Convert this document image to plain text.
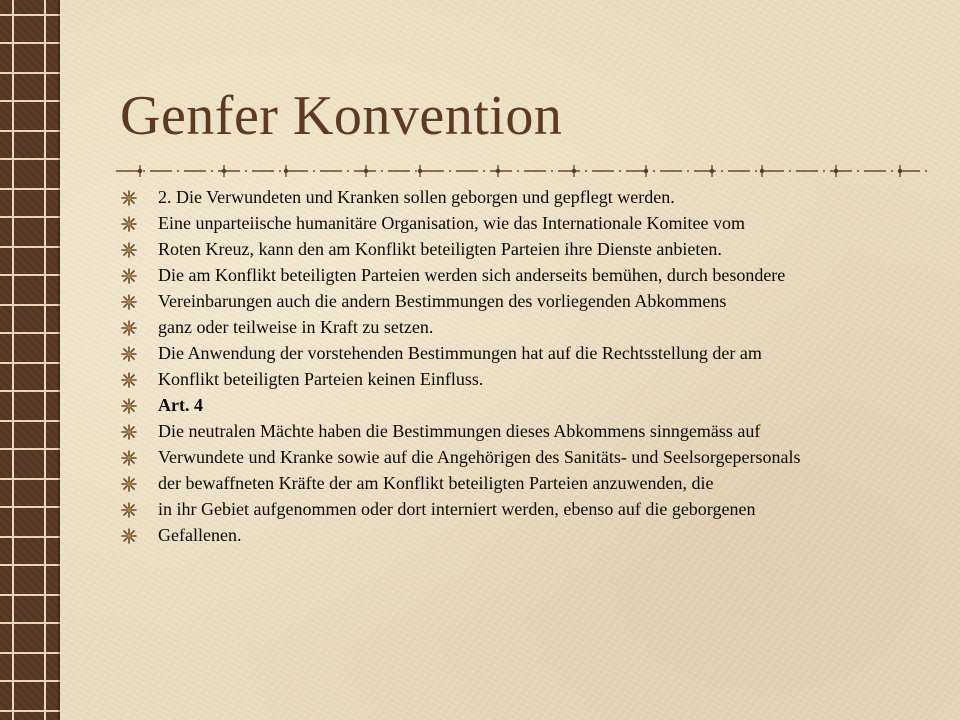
Genfer Konvention
2. Die Verwundeten und Kranken sollen geborgen und gepflegt werden.
Eine unparteiische humanitäre Organisation, wie das Internationale Komitee vom
Roten Kreuz, kann den am Konflikt beteiligten Parteien ihre Dienste anbieten.
Die am Konflikt beteiligten Parteien werden sich anderseits bemühen, durch besondere
Vereinbarungen auch die andern Bestimmungen des vorliegenden Abkommens
ganz oder teilweise in Kraft zu setzen.
Die Anwendung der vorstehenden Bestimmungen hat auf die Rechtsstellung der am
Konflikt beteiligten Parteien keinen Einfluss.
Art. 4
Die neutralen Mächte haben die Bestimmungen dieses Abkommens sinngemäss auf
Verwundete und Kranke sowie auf die Angehörigen des Sanitäts- und Seelsorgepersonals
der bewaffneten Kräfte der am Konflikt beteiligten Parteien anzuwenden, die
in ihr Gebiet aufgenommen oder dort interniert werden, ebenso auf die geborgenen
Gefallenen.
